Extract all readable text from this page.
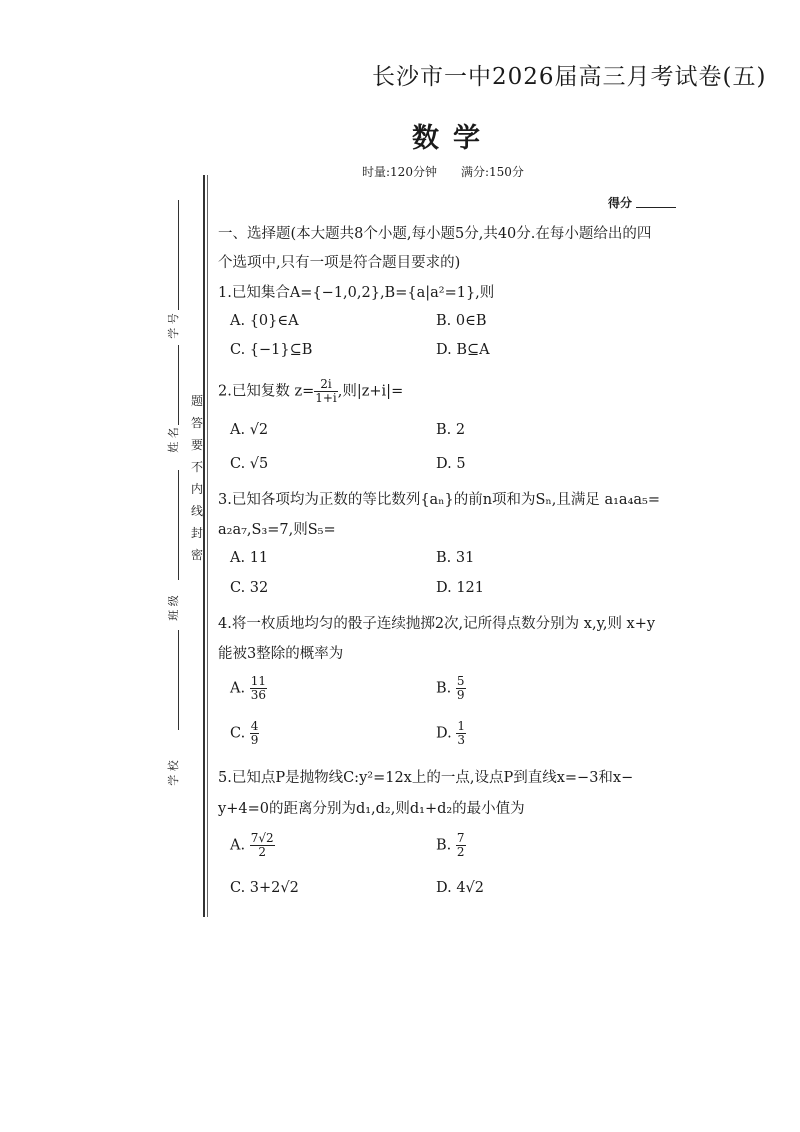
长沙市一中2026届高三月考试卷(五)
数学
时量:120分钟　　满分:150分
得分
学 号
姓 名
班 级
学 校
题
答
要
不
内
线
封
密
一、选择题(本大题共8个小题,每小题5分,共40分.在每小题给出的四
个选项中,只有一项是符合题目要求的)
1.已知集合A={−1,0,2},B={a|a²=1},则
A. {0}∈A	B. 0∈B
C. {−1}⊆B	D. B⊆A
2.已知复数 $z= \frac{2i}{1+i}$ ,则|z+i|=
A. √2	B. 2
C. √5	D. 5
3.已知各项均为正数的等比数列{aₙ}的前n项和为Sₙ,且满足 a₁a₄a₅=
a₂a₇,S₃=7,则S₅=
A. 11	B. 31
C. 32	D. 121
4.将一枚质地均匀的骰子连续抛掷2次,记所得点数分别为 x,y,则 x+y
能被3整除的概率为
A. $\frac{11}{36}$	B. $\frac{5}{9}$
C. $\frac{4}{9}$	D. $\frac{1}{3}$
5.已知点P是抛物线C:y²=12x上的一点,设点P到直线x=−3和x−
y+4=0的距离分别为d₁,d₂,则d₁+d₂的最小值为
A. $\frac{7√2}{2}$	B. $\frac{7}{2}$
C. 3+2√2	D. 4√2
